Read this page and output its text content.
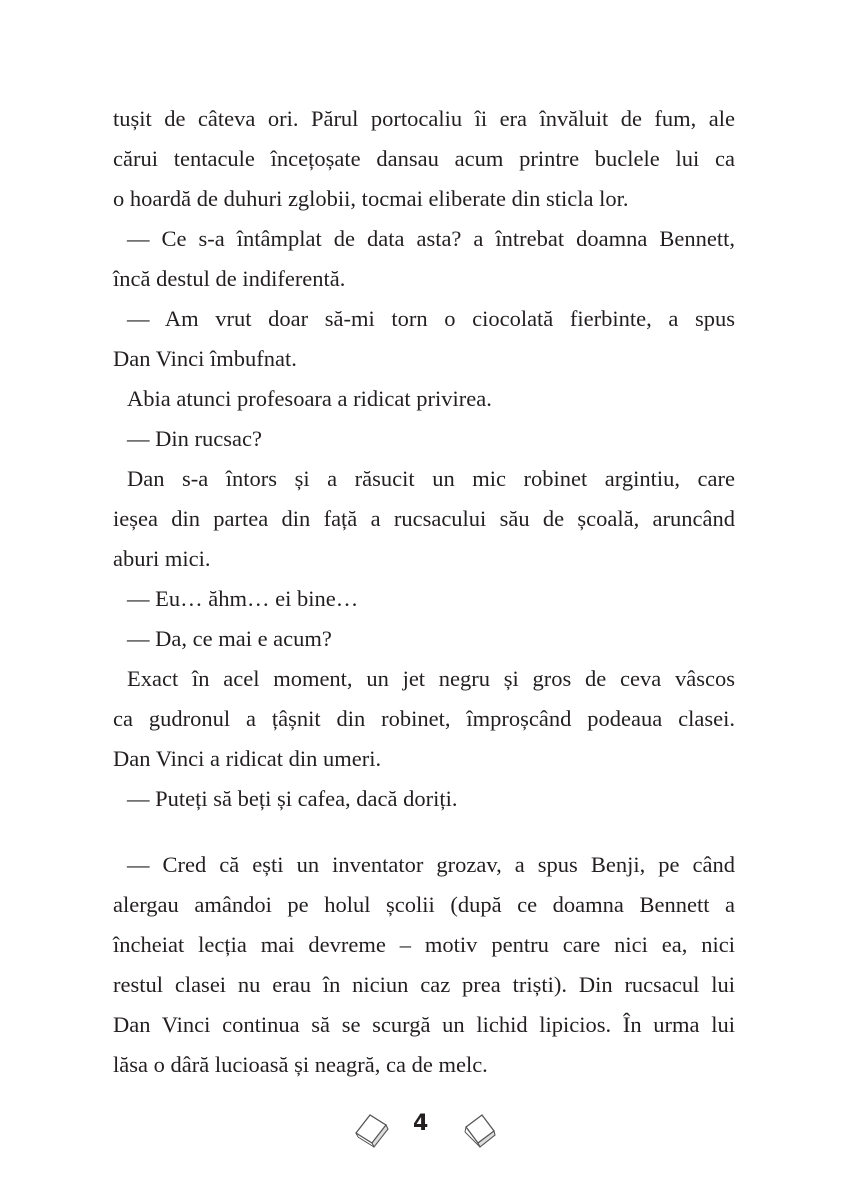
tușit de câteva ori. Părul portocaliu îi era învăluit de fum, ale
cărui tentacule încețoșate dansau acum printre buclele lui ca
o hoardă de duhuri zglobii, tocmai eliberate din sticla lor.
— Ce s-a întâmplat de data asta? a întrebat doamna Bennett,
încă destul de indiferentă.
— Am vrut doar să-mi torn o ciocolată fierbinte, a spus
Dan Vinci îmbufnat.
Abia atunci profesoara a ridicat privirea.
— Din rucsac?
Dan s-a întors și a răsucit un mic robinet argintiu, care
ieșea din partea din față a rucsacului său de școală, aruncând
aburi mici.
— Eu… ăhm… ei bine…
— Da, ce mai e acum?
Exact în acel moment, un jet negru și gros de ceva vâscos
ca gudronul a țâșnit din robinet, împroșcând podeaua clasei.
Dan Vinci a ridicat din umeri.
— Puteți să beți și cafea, dacă doriți.
— Cred că ești un inventator grozav, a spus Benji, pe când
alergau amândoi pe holul școlii (după ce doamna Bennett a
încheiat lecția mai devreme – motiv pentru care nici ea, nici
restul clasei nu erau în niciun caz prea triști). Din rucsacul lui
Dan Vinci continua să se scurgă un lichid lipicios. În urma lui
lăsa o dâră lucioasă și neagră, ca de melc.
4
